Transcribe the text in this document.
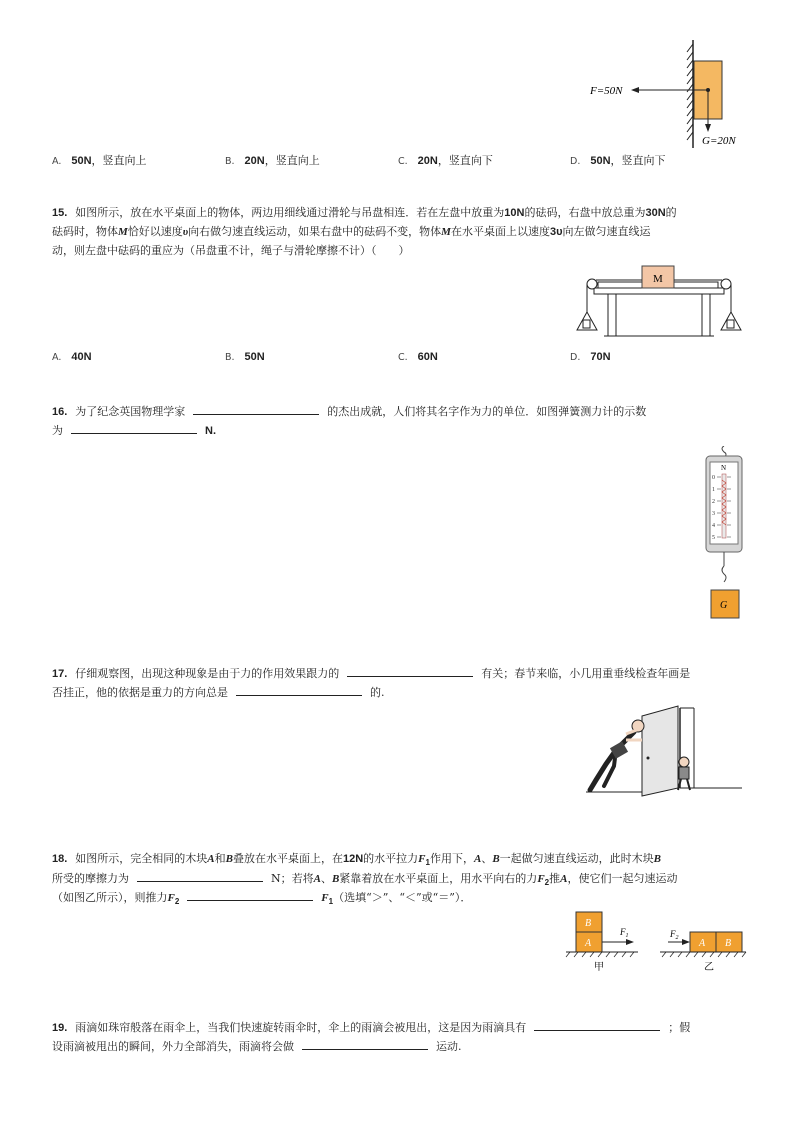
F=50N
G=20N
A. 50N，竖直向上	B. 20N，竖直向上	C. 20N，竖直向下	D. 50N，竖直向下
15. 如图所示，放在水平桌面上的物体，两边用细线通过滑轮与吊盘相连．若在左盘中放重为10N的砝码，右盘中放总重为30N的
砝码时，物体M恰好以速度υ向右做匀速直线运动，如果右盘中的砝码不变，物体M在水平桌面上以速度3υ向左做匀速直线运
动，则左盘中砝码的重应为（吊盘重不计，绳子与滑轮摩擦不计）（　　）
M
A. 40N	B. 50N	C. 60N	D. 70N
16. 为了纪念英国物理学家	的杰出成就，人们将其名字作为力的单位．如图弹簧测力计的示数
为	N.
N
0
1
2
3
4
5
G
17. 仔细观察图，出现这种现象是由于力的作用效果跟力的	有关；春节来临，小几用重垂线检查年画是
否挂正，他的依据是重力的方向总是	的.
18. 如图所示，完全相同的木块A和B叠放在水平桌面上，在12N的水平拉力$F_1$作用下，A、B一起做匀速直线运动，此时木块B
所受的摩擦力为	N；若将A、B紧靠着放在水平桌面上，用水平向右的力$F_2$推A，使它们一起匀速运动
（如图乙所示），则推力$F_2$	$F_1$（选填“＞”、“＜”或“＝”）．
B
A
$F_1$
甲
$F_2$ A B
乙
19. 雨滴如珠帘般落在雨伞上，当我们快速旋转雨伞时，伞上的雨滴会被甩出，这是因为雨滴具有	；假
设雨滴被甩出的瞬间，外力全部消失，雨滴将会做	运动.
